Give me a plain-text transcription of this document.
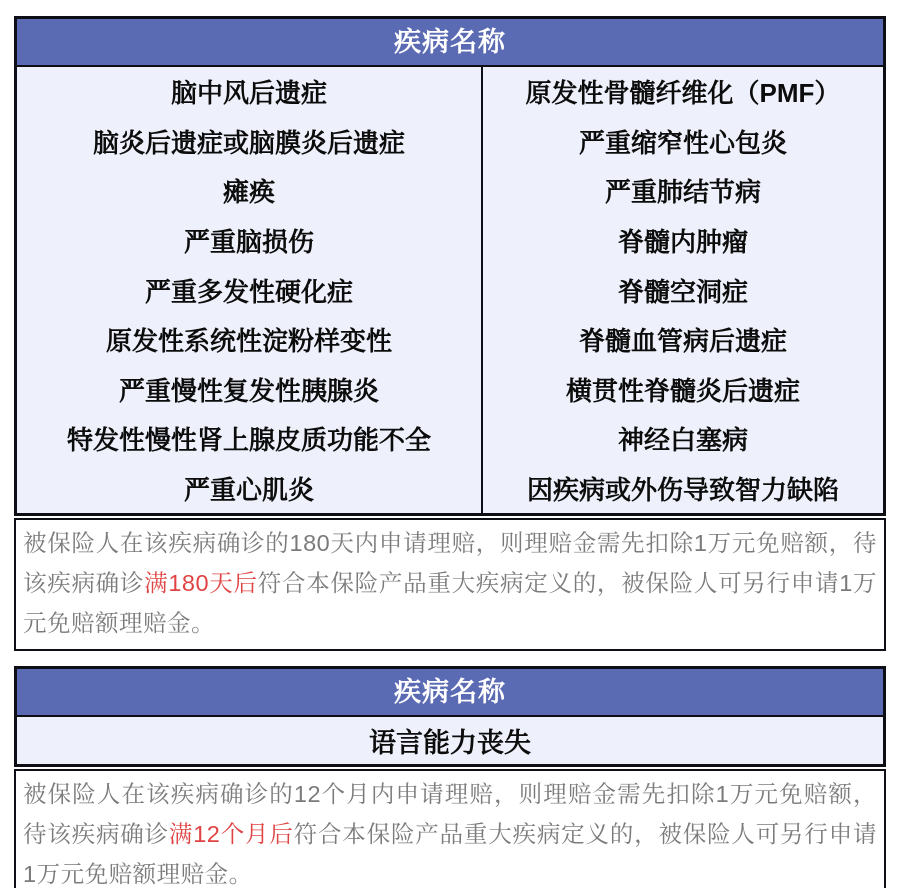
疾病名称
脑中风后遗症
脑炎后遗症或脑膜炎后遗症
瘫痪
严重脑损伤
严重多发性硬化症
原发性系统性淀粉样变性
严重慢性复发性胰腺炎
特发性慢性肾上腺皮质功能不全
严重心肌炎
原发性骨髓纤维化（PMF）
严重缩窄性心包炎
严重肺结节病
脊髓内肿瘤
脊髓空洞症
脊髓血管病后遗症
横贯性脊髓炎后遗症
神经白塞病
因疾病或外伤导致智力缺陷
被保险人在该疾病确诊的180天内申请理赔，则理赔金需先扣除1万元免赔额，待该疾病确诊满180天后符合本保险产品重大疾病定义的，被保险人可另行申请1万元免赔额理赔金。
疾病名称
语言能力丧失
被保险人在该疾病确诊的12个月内申请理赔，则理赔金需先扣除1万元免赔额，待该疾病确诊满12个月后符合本保险产品重大疾病定义的，被保险人可另行申请1万元免赔额理赔金。
